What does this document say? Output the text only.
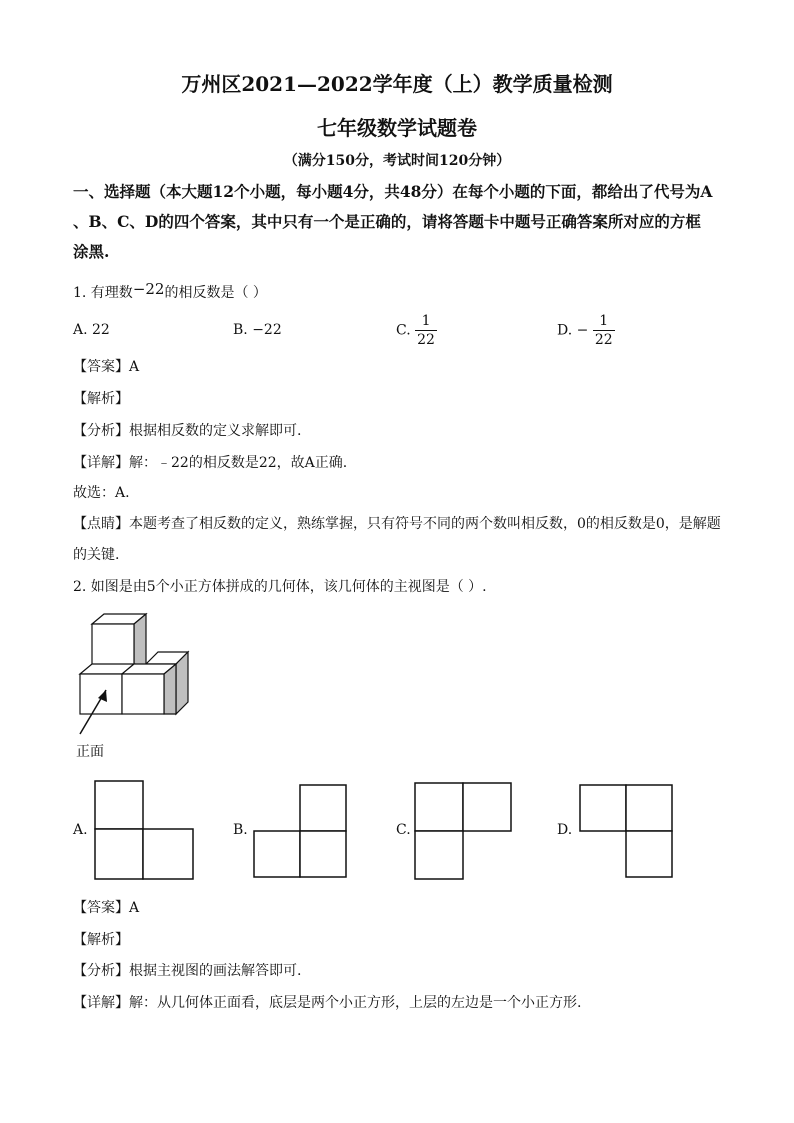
万州区2021—2022学年度（上）教学质量检测
七年级数学试题卷
（满分150分，考试时间120分钟）
一、选择题（本大题12个小题，每小题4分，共48分）在每个小题的下面，都给出了代号为A
、B、C、D的四个答案，其中只有一个是正确的，请将答题卡中题号正确答案所对应的方框
涂黑.
1. 有理数−22的相反数是（ ）
A. 22	B. −22	C. $\frac{1}{22}$	D. − $\frac{1}{22}$
【答案】A
【解析】
【分析】根据相反数的定义求解即可.
【详解】解：﹣22的相反数是22，故A正确.
故选：A.
【点睛】本题考查了相反数的定义，熟练掌握，只有符号不同的两个数叫相反数，0的相反数是0，是解题
的关键.
2. 如图是由5个小正方体拼成的几何体，该几何体的主视图是（ ）.
正面
A.	B.	C.	D.
【答案】A
【解析】
【分析】根据主视图的画法解答即可.
【详解】解：从几何体正面看，底层是两个小正方形，上层的左边是一个小正方形.
